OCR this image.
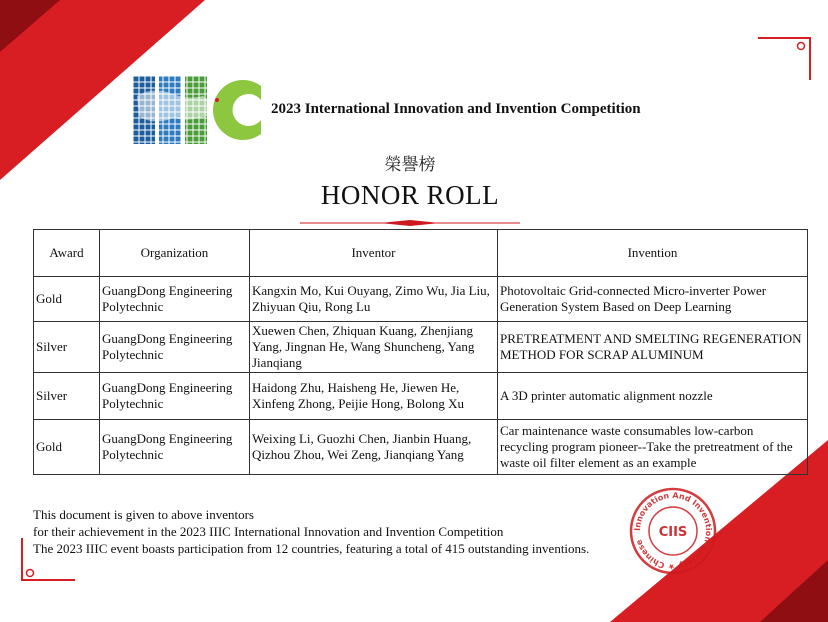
2023 International Innovation and Invention Competition
榮譽榜
HONOR ROLL
Award	Organization	Inventor	Invention
Gold	GuangDong Engineering Polytechnic	Kangxin Mo, Kui Ouyang, Zimo Wu, Jia Liu, Zhiyuan Qiu, Rong Lu	Photovoltaic Grid-connected Micro-inverter Power Generation System Based on Deep Learning
Silver	GuangDong Engineering Polytechnic	Xuewen Chen, Zhiquan Kuang, Zhenjiang Yang, Jingnan He, Wang Shuncheng, Yang Jianqiang	PRETREATMENT AND SMELTING REGENERATION METHOD FOR SCRAP ALUMINUM
Silver	GuangDong Engineering Polytechnic	Haidong Zhu, Haisheng He, Jiewen He, Xinfeng Zhong, Peijie Hong, Bolong Xu	A 3D printer automatic alignment nozzle
Gold	GuangDong Engineering Polytechnic	Weixing Li, Guozhi Chen, Jianbin Huang, Qizhou Zhou, Wei Zeng, Jianqiang Yang	Car maintenance waste consumables low-carbon recycling program pioneer--Take the pretreatment of the waste oil filter element as an example
This document is given to above inventors
for their achievement in the 2023 IIIC International Innovation and Invention Competition
The 2023 IIIC event boasts participation from 12 countries, featuring a total of 415 outstanding inventions.
Innovation And Invention Society ★ Chinese
CIIS
